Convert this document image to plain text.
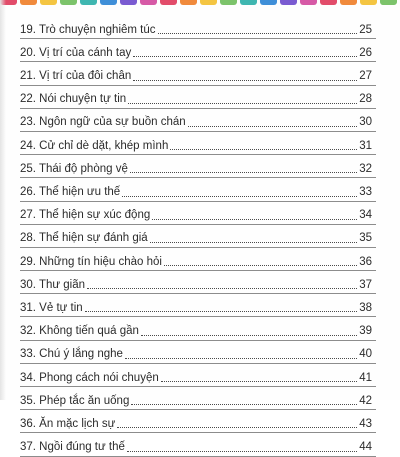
19. Trò chuyện nghiêm túc	25
20. Vị trí của cánh tay	26
21. Vị trí của đôi chân	27
22. Nói chuyện tự tin	28
23. Ngôn ngữ của sự buồn chán	30
24. Cử chỉ dè dặt, khép mình	31
25. Thái độ phòng vệ	32
26. Thể hiện ưu thế	33
27. Thể hiện sự xúc động	34
28. Thể hiện sự đánh giá	35
29. Những tín hiệu chào hỏi	36
30. Thư giãn	37
31. Vẻ tự tin	38
32. Không tiến quá gần	39
33. Chú ý lắng nghe	40
34. Phong cách nói chuyện	41
35. Phép tắc ăn uống	42
36. Ăn mặc lịch sự	43
37. Ngồi đúng tư thế	44
